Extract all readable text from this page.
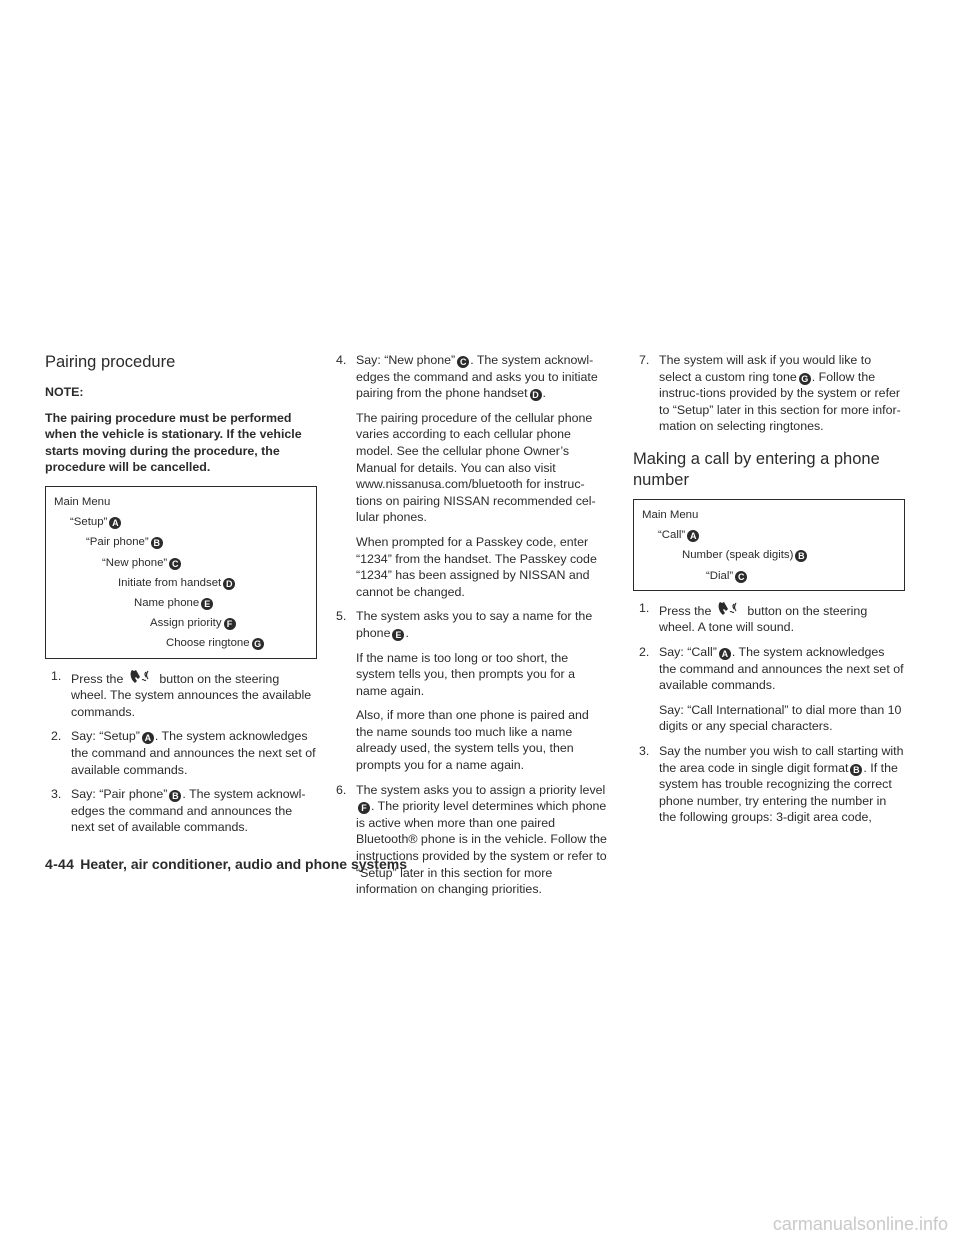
Pairing procedure

NOTE:

The pairing procedure must be performed when the vehicle is stationary. If the vehicle starts moving during the procedure, the procedure will be cancelled.

Main Menu
“Setup” A
“Pair phone” B
“New phone” C
Initiate from handset D
Name phone E
Assign priority F
Choose ringtone G
1. Press the	button on the steering wheel. The system announces the available commands.
2. Say: “Setup” A . The system acknowledges the command and announces the next set of available commands.
3. Say: “Pair phone” B . The system acknowl-edges the command and announces the next set of available commands.
4. Say: “New phone” C . The system acknowl-edges the command and asks you to initiate pairing from the phone handset D .

The pairing procedure of the cellular phone varies according to each cellular phone model. See the cellular phone Owner’s Manual for details. You can also visit www.nissanusa.com/bluetooth for instruc-tions on pairing NISSAN recommended cel-lular phones.

When prompted for a Passkey code, enter “1234” from the handset. The Passkey code “1234” has been assigned by NISSAN and cannot be changed.

5. The system asks you to say a name for the phone E .

If the name is too long or too short, the system tells you, then prompts you for a name again.

Also, if more than one phone is paired and the name sounds too much like a name already used, the system tells you, then prompts you for a name again.

6. The system asks you to assign a priority levelF . The priority level determines which phone is active when more than one paired Bluetooth® phone is in the vehicle. Follow the instructions provided by the system or refer to “Setup” later in this section for more information on changing priorities.
7. The system will ask if you would like to select a custom ring tone G . Follow the instruc-tions provided by the system or refer to “Setup” later in this section for more infor-mation on selecting ringtones.
Making a call by entering a phone number
Main Menu
“Call” A
Number (speak digits) B
“Dial” C
1. Press the	button on the steering wheel. A tone will sound.
2. Say: “Call” A . The system acknowledges the command and announces the next set of available commands.

Say: “Call International” to dial more than 10 digits or any special characters.

3. Say the number you wish to call starting with the area code in single digit format B . If the system has trouble recognizing the correct phone number, try entering the number in the following groups: 3-digit area code,
4-44 Heater, air conditioner, audio and phone systems
carmanualsonline.info
